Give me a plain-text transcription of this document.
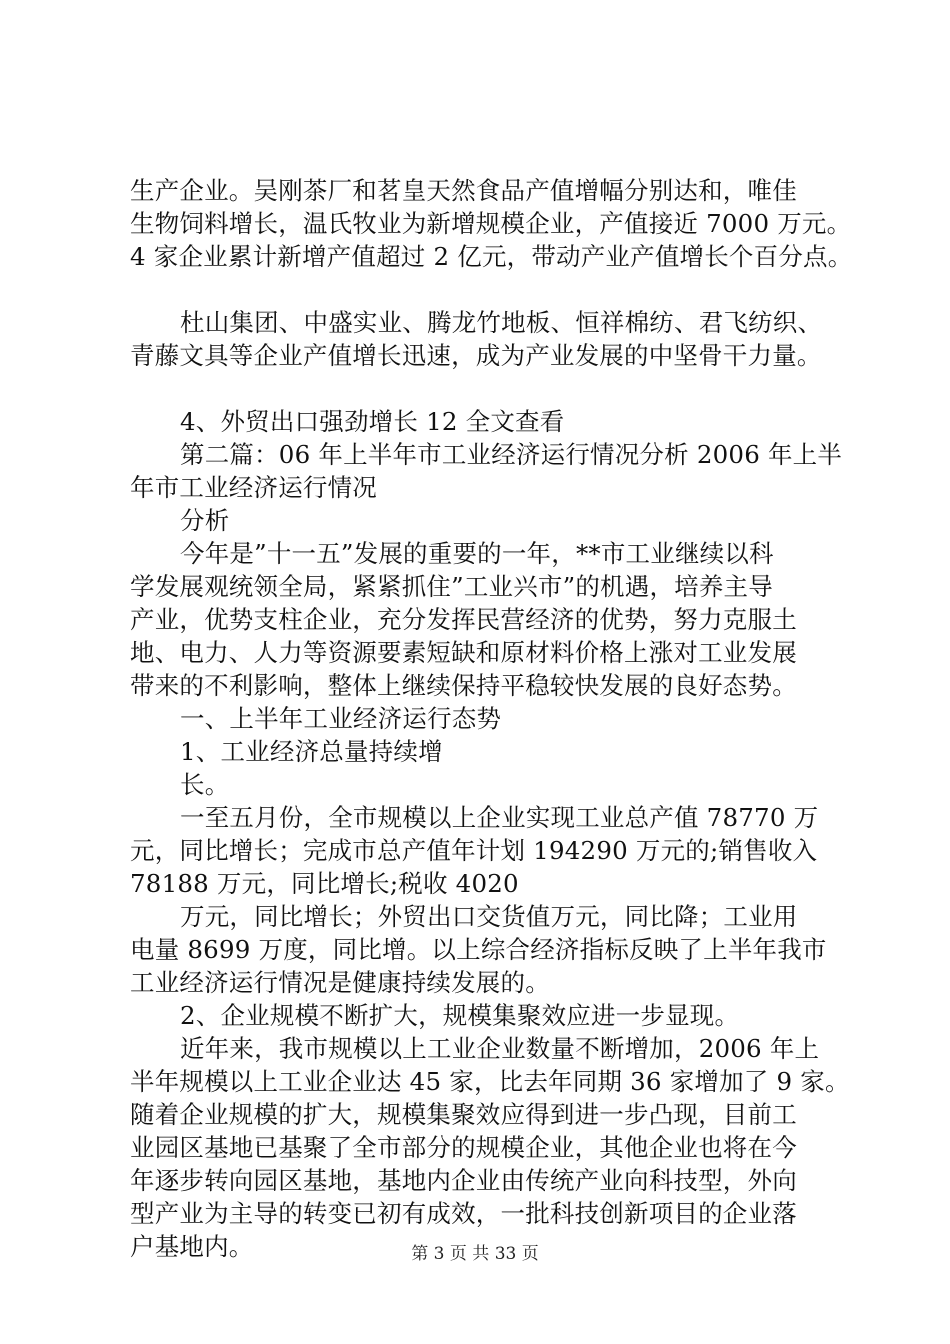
生产企业。吴刚茶厂和茗皇天然食品产值增幅分别达和，唯佳
生物饲料增长，温氏牧业为新增规模企业，产值接近 7000 万元。
4 家企业累计新增产值超过 2 亿元，带动产业产值增长个百分点。
杜山集团、中盛实业、腾龙竹地板、恒祥棉纺、君飞纺织、
青藤文具等企业产值增长迅速，成为产业发展的中坚骨干力量。
4、外贸出口强劲增长 12 全文查看
第二篇：06 年上半年市工业经济运行情况分析 2006 年上半
年市工业经济运行情况
分析
今年是”十一五”发展的重要的一年，**市工业继续以科
学发展观统领全局，紧紧抓住”工业兴市”的机遇，培养主导
产业，优势支柱企业，充分发挥民营经济的优势，努力克服土
地、电力、人力等资源要素短缺和原材料价格上涨对工业发展
带来的不利影响，整体上继续保持平稳较快发展的良好态势。
一、上半年工业经济运行态势
1、工业经济总量持续增
长。
一至五月份，全市规模以上企业实现工业总产值 78770 万
元，同比增长；完成市总产值年计划 194290 万元的;销售收入
78188 万元，同比增长;税收 4020
万元，同比增长；外贸出口交货值万元，同比降；工业用
电量 8699 万度，同比增。以上综合经济指标反映了上半年我市
工业经济运行情况是健康持续发展的。
2、企业规模不断扩大，规模集聚效应进一步显现。
近年来，我市规模以上工业企业数量不断增加，2006 年上
半年规模以上工业企业达 45 家，比去年同期 36 家增加了 9 家。
随着企业规模的扩大，规模集聚效应得到进一步凸现，目前工
业园区基地已基聚了全市部分的规模企业，其他企业也将在今
年逐步转向园区基地，基地内企业由传统产业向科技型，外向
型产业为主导的转变已初有成效，一批科技创新项目的企业落
户基地内。	第 3 页 共 33 页
